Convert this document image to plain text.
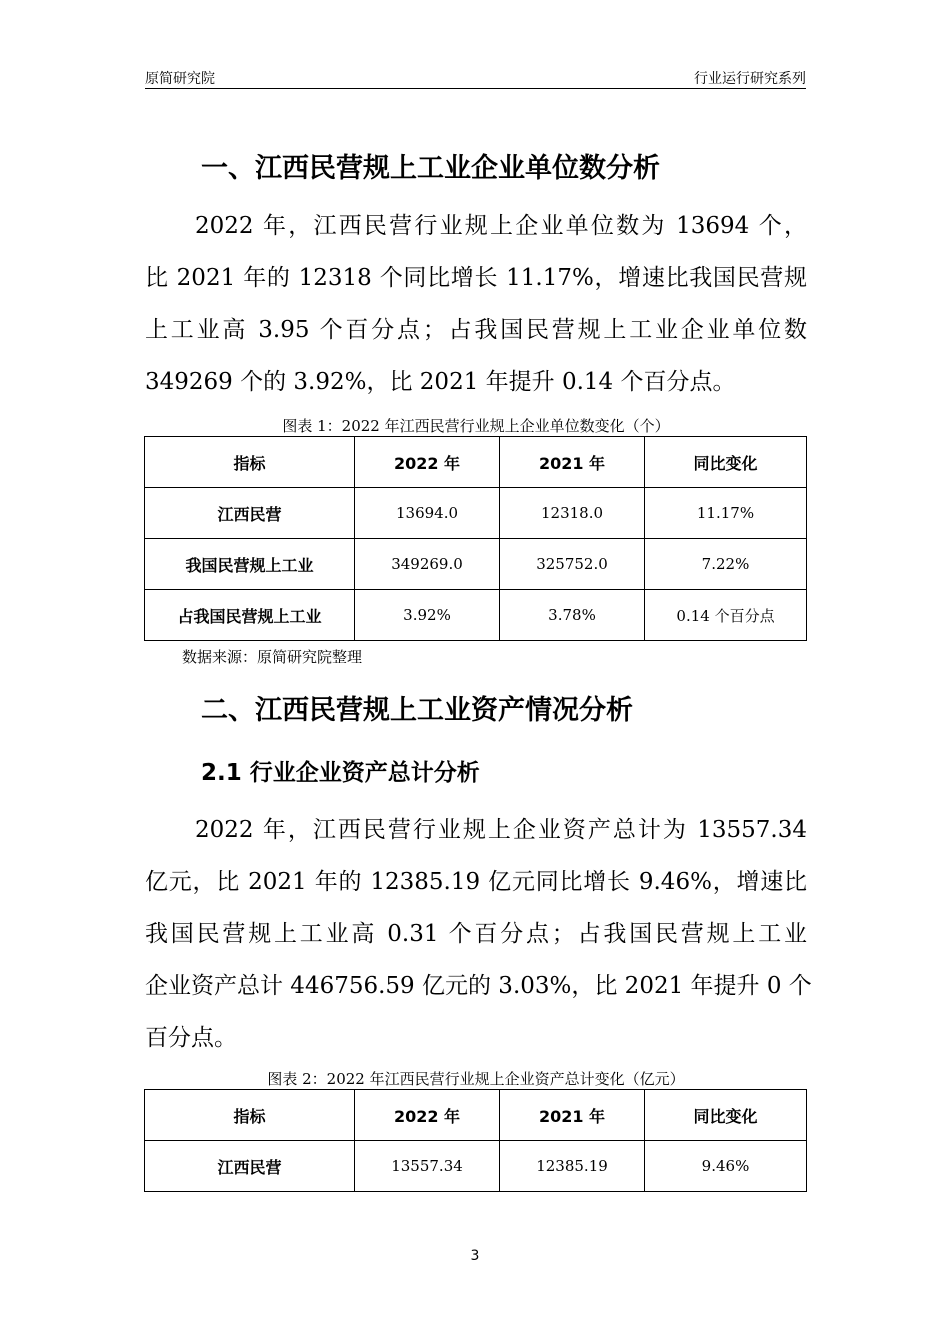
原简研究院	行业运行研究系列
一、江西民营规上工业企业单位数分析
2022 年，江西民营行业规上企业单位数为 13694 个，
比 2021 年的 12318 个同比增长 11.17%，增速比我国民营规
上工业高 3.95 个百分点；占我国民营规上工业企业单位数
349269 个的 3.92%，比 2021 年提升 0.14 个百分点。
图表 1：2022 年江西民营行业规上企业单位数变化（个）
指标	2022 年	2021 年	同比变化
江西民营	13694.0	12318.0	11.17%
我国民营规上工业	349269.0	325752.0	7.22%
占我国民营规上工业	3.92%	3.78%	0.14 个百分点
数据来源：原简研究院整理
二、江西民营规上工业资产情况分析
2.1 行业企业资产总计分析
2022 年，江西民营行业规上企业资产总计为 13557.34
亿元，比 2021 年的 12385.19 亿元同比增长 9.46%，增速比
我国民营规上工业高 0.31 个百分点；占我国民营规上工业
企业资产总计 446756.59 亿元的 3.03%，比 2021 年提升 0 个
百分点。
图表 2：2022 年江西民营行业规上企业资产总计变化（亿元）
指标	2022 年	2021 年	同比变化
江西民营	13557.34	12385.19	9.46%
3
